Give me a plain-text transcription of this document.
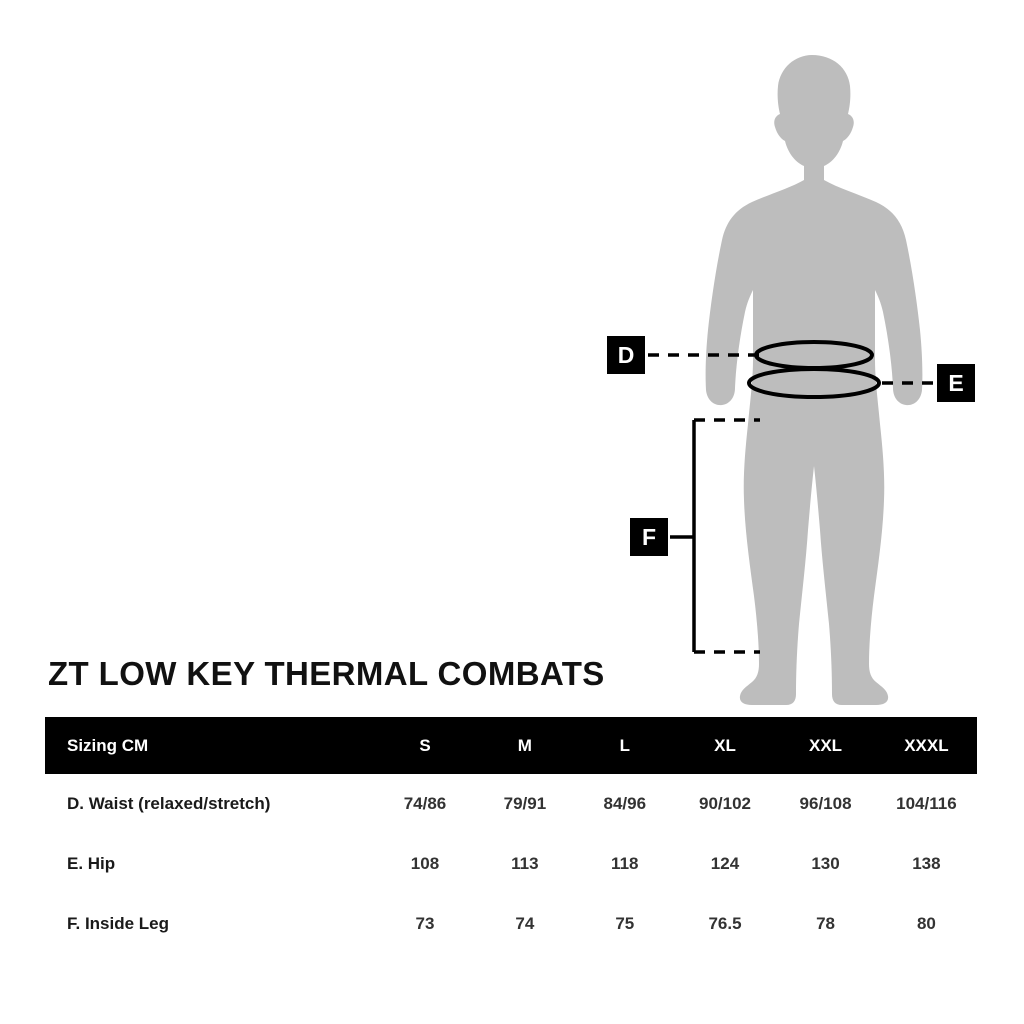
D
E
F
ZT LOW KEY THERMAL COMBATS
Sizing CM	S	M	L	XL	XXL	XXXL
D. Waist (relaxed/stretch)	74/86	79/91	84/96	90/102	96/108	104/116
E. Hip	108	113	118	124	130	138
F. Inside Leg	73	74	75	76.5	78	80
